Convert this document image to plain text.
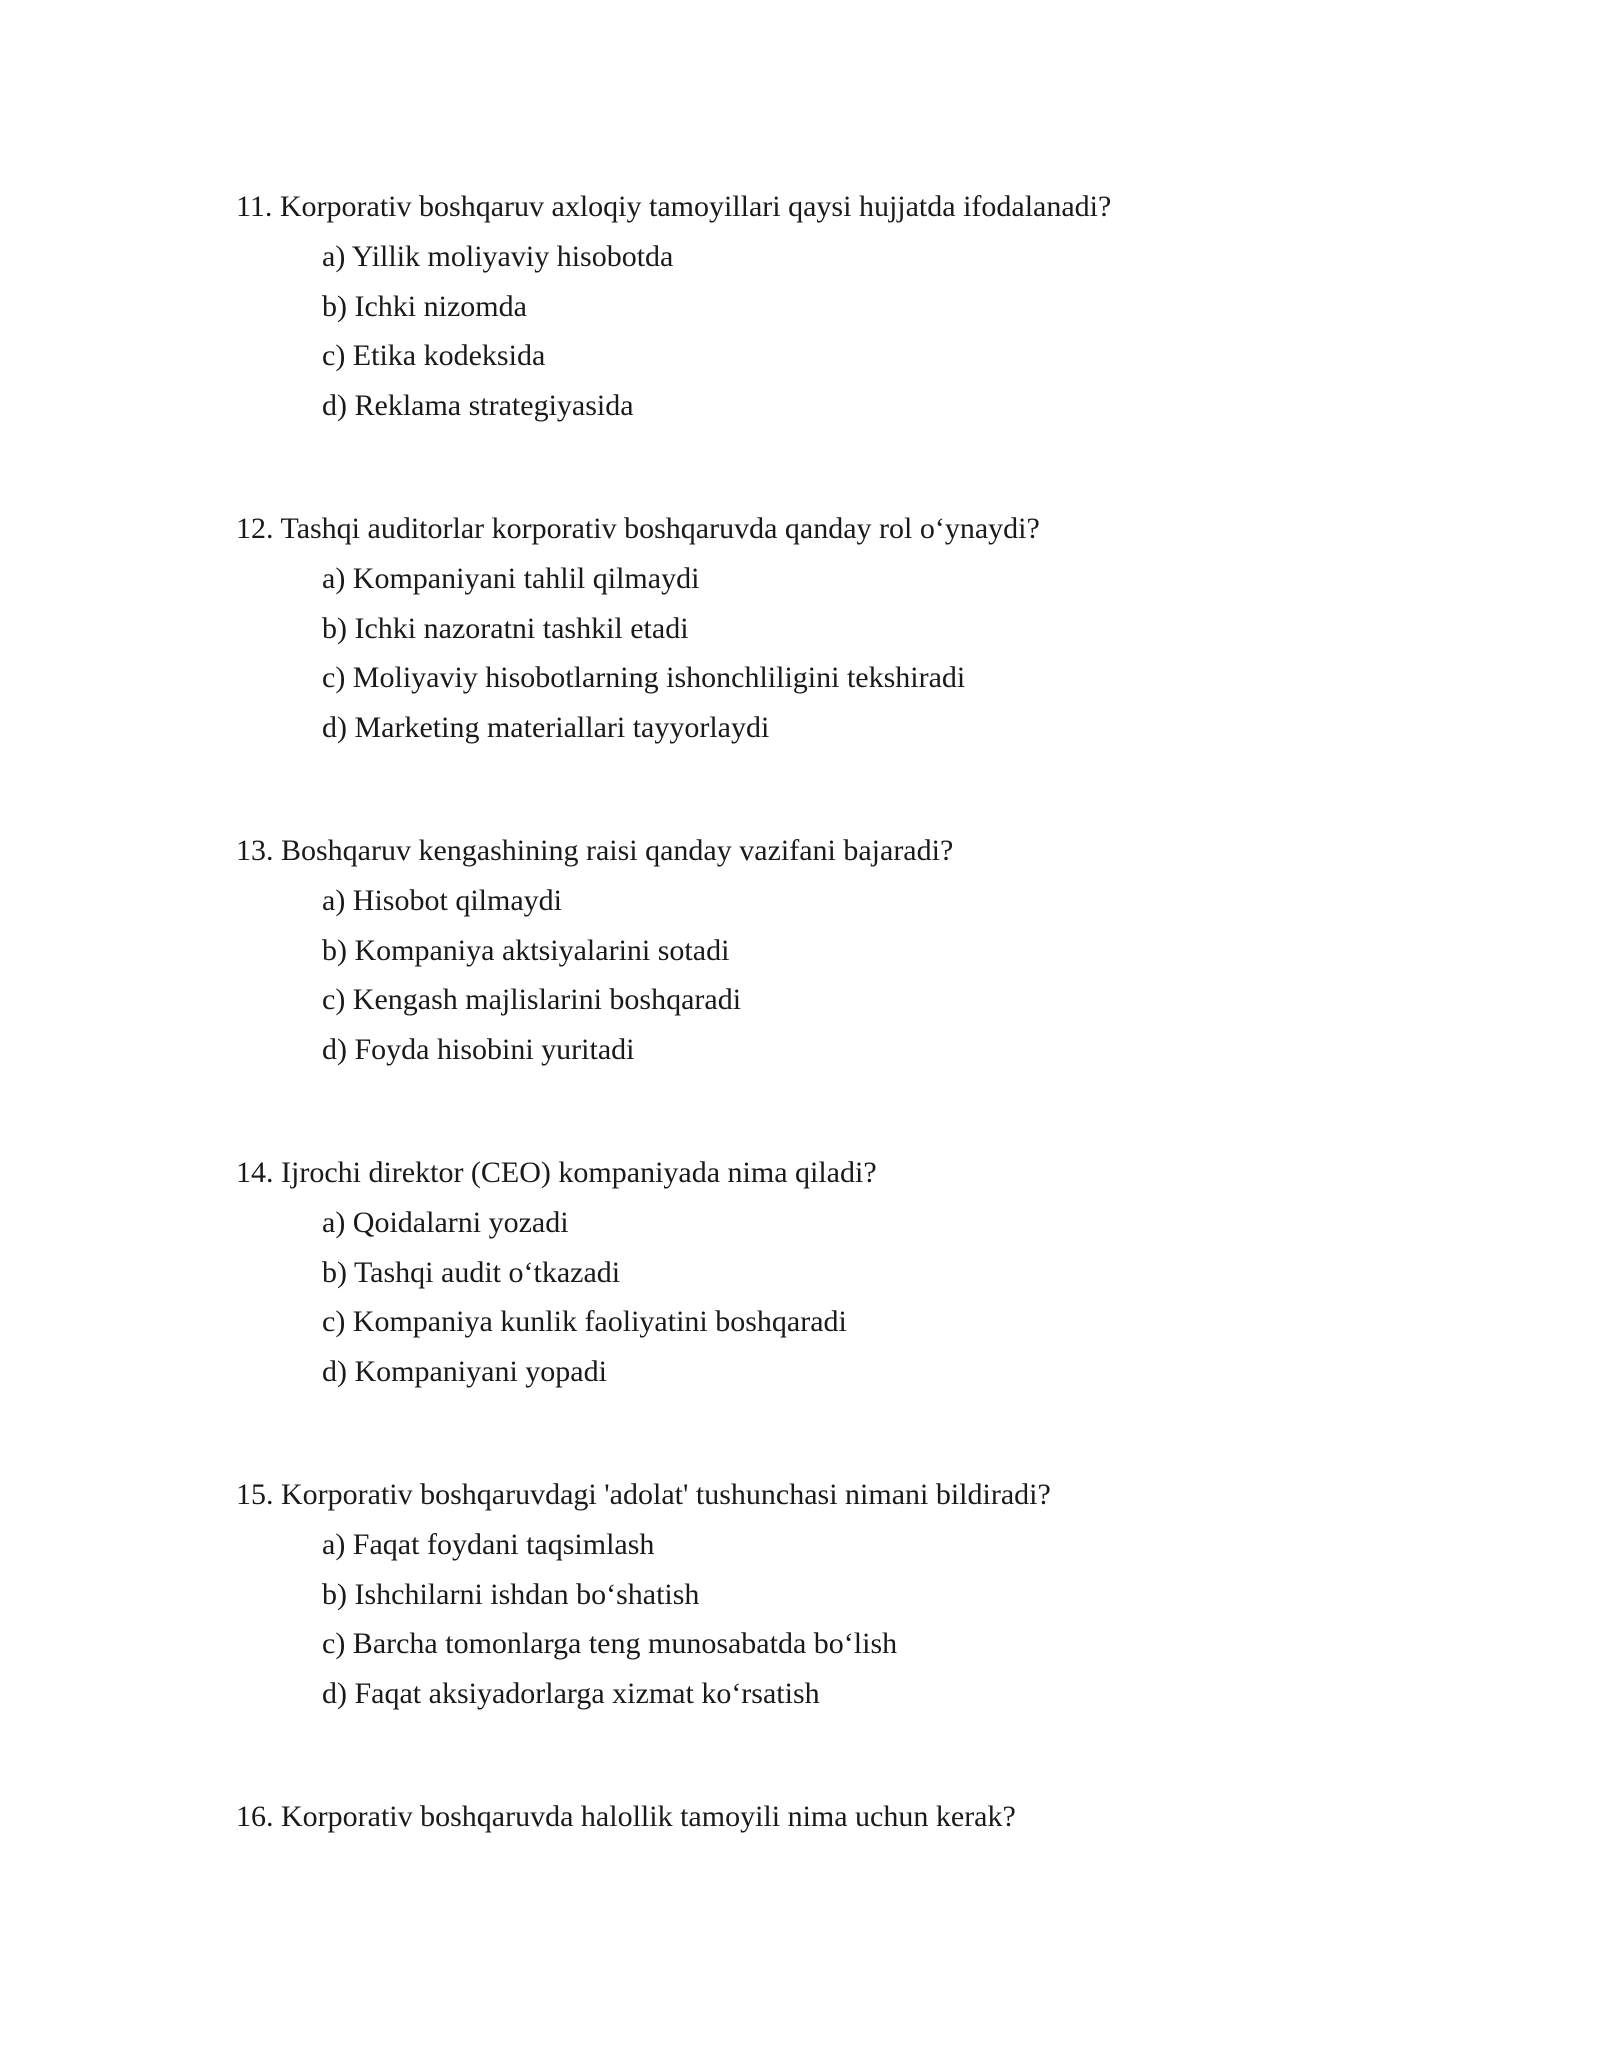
11. Korporativ boshqaruv axloqiy tamoyillari qaysi hujjatda ifodalanadi?

a) Yillik moliyaviy hisobotda
b) Ichki nizomda
c) Etika kodeksida
d) Reklama strategiyasida

12. Tashqi auditorlar korporativ boshqaruvda qanday rol o‘ynaydi?

a) Kompaniyani tahlil qilmaydi
b) Ichki nazoratni tashkil etadi
c) Moliyaviy hisobotlarning ishonchliligini tekshiradi
d) Marketing materiallari tayyorlaydi

13. Boshqaruv kengashining raisi qanday vazifani bajaradi?

a) Hisobot qilmaydi
b) Kompaniya aktsiyalarini sotadi
c) Kengash majlislarini boshqaradi
d) Foyda hisobini yuritadi

14. Ijrochi direktor (CEO) kompaniyada nima qiladi?

a) Qoidalarni yozadi
b) Tashqi audit o‘tkazadi
c) Kompaniya kunlik faoliyatini boshqaradi
d) Kompaniyani yopadi

15. Korporativ boshqaruvdagi 'adolat' tushunchasi nimani bildiradi?

a) Faqat foydani taqsimlash
b) Ishchilarni ishdan bo‘shatish
c) Barcha tomonlarga teng munosabatda bo‘lish
d) Faqat aksiyadorlarga xizmat ko‘rsatish

16. Korporativ boshqaruvda halollik tamoyili nima uchun kerak?
